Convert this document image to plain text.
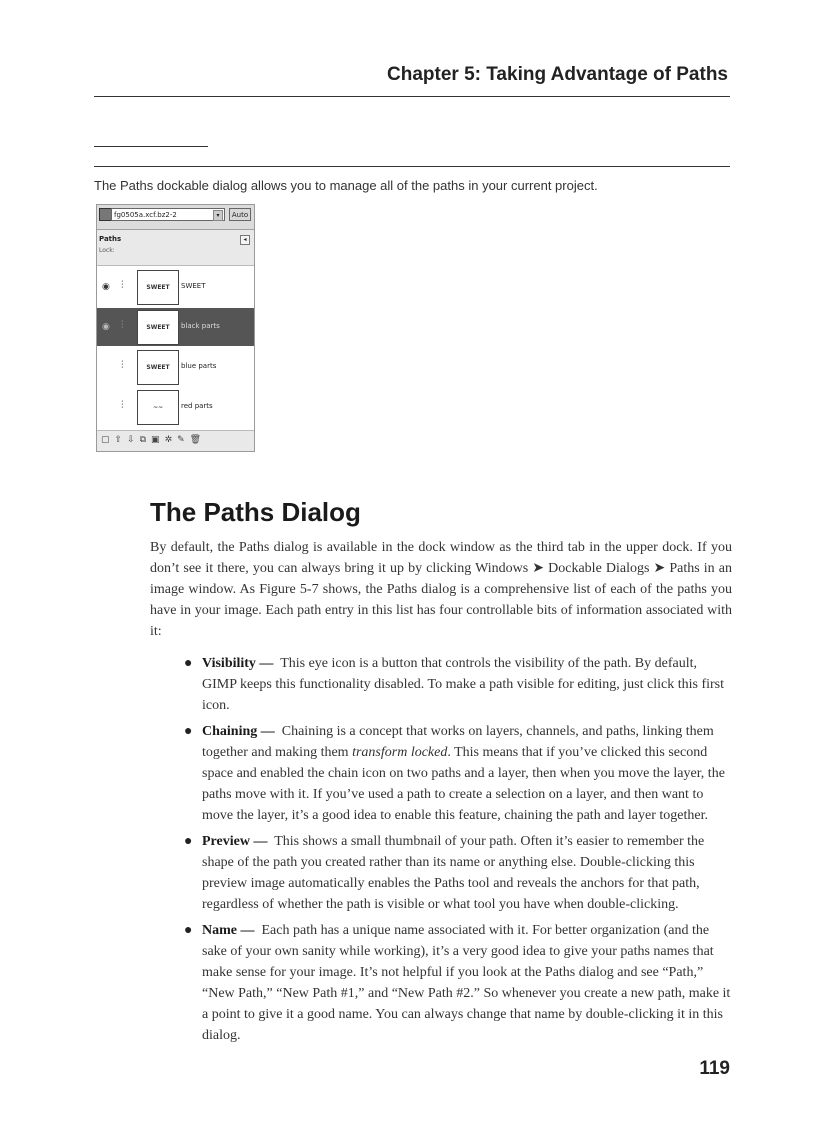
Chapter 5: Taking Advantage of Paths
The Paths dockable dialog allows you to manage all of the paths in your current project.
fg0505a.xcf.bz2-2	▾	Auto
Paths	◂
Lock:
◉ ⫶	SWEET	SWEET
◉ ⫶	SWEET	black parts
⫶	SWEET	blue parts
⫶	~~	red parts
▢ ⇧ ⇩ ⧉ ▣ ✲ ✎ 🗑
The Paths Dialog

By default, the Paths dialog is available in the dock window as the third tab in the upper dock. If you don’t see it there, you can always bring it up by clicking Windows ➤ Dockable Dialogs ➤ Paths in an image window. As Figure 5-7 shows, the Paths dialog is a comprehensive list of each of the paths you have in your image. Each path entry in this list has four controllable bits of information associated with it:

● Visibility — This eye icon is a button that controls the visibility of the path. By default, GIMP keeps this functionality disabled. To make a path visible for editing, just click this first icon.
● Chaining — Chaining is a concept that works on layers, channels, and paths, linking them together and making them transform locked. This means that if you’ve clicked this second space and enabled the chain icon on two paths and a layer, then when you move the layer, the paths move with it. If you’ve used a path to create a selection on a layer, and then want to move the layer, it’s a good idea to enable this feature, chaining the path and layer together.
● Preview — This shows a small thumbnail of your path. Often it’s easier to remember the shape of the path you created rather than its name or anything else. Double-clicking this preview image automatically enables the Paths tool and reveals the anchors for that path, regardless of whether the path is visible or what tool you have when double-clicking.
● Name — Each path has a unique name associated with it. For better organization (and the sake of your own sanity while working), it’s a very good idea to give your paths names that make sense for your image. It’s not helpful if you look at the Paths dialog and see “Path,” “New Path,” “New Path #1,” and “New Path #2.” So whenever you create a new path, make it a point to give it a good name. You can always change that name by double-clicking it in this dialog.
119
